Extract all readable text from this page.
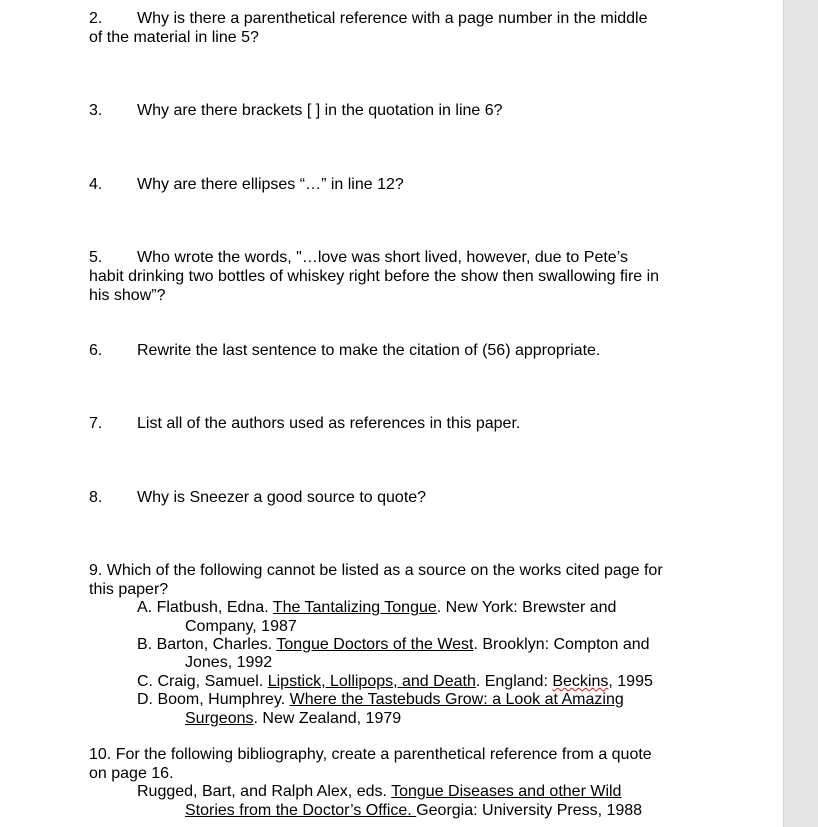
2. Why is there a parenthetical reference with a page number in the middle
of the material in line 5?
3. Why are there brackets [ ] in the quotation in line 6?
4. Why are there ellipses “…” in line 12?
5. Who wrote the words, "…love was short lived, however, due to Pete’s
habit drinking two bottles of whiskey right before the show then swallowing fire in
his show”?
6. Rewrite the last sentence to make the citation of (56) appropriate.
7. List all of the authors used as references in this paper.
8. Why is Sneezer a good source to quote?
9. Which of the following cannot be listed as a source on the works cited page for
this paper?
A. Flatbush, Edna. The Tantalizing Tongue. New York: Brewster and
Company, 1987
B. Barton, Charles. Tongue Doctors of the West. Brooklyn: Compton and
Jones, 1992
C. Craig, Samuel. Lipstick, Lollipops, and Death. England: Beckins, 1995
D. Boom, Humphrey. Where the Tastebuds Grow: a Look at Amazing
Surgeons. New Zealand, 1979
10. For the following bibliography, create a parenthetical reference from a quote
on page 16.
Rugged, Bart, and Ralph Alex, eds. Tongue Diseases and other Wild
Stories from the Doctor’s Office. Georgia: University Press, 1988
